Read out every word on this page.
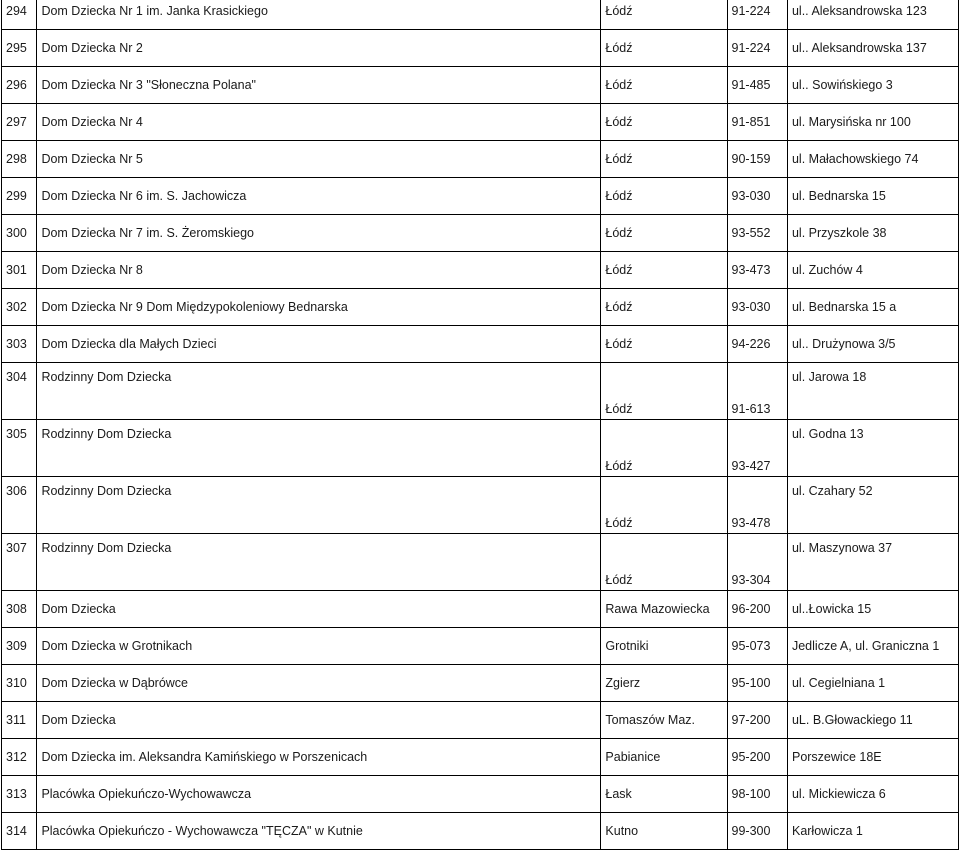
294	Dom Dziecka Nr 1 im. Janka Krasickiego	Łódź	91-224	ul.. Aleksandrowska 123
295	Dom Dziecka Nr 2	Łódź	91-224	ul.. Aleksandrowska 137
296	Dom Dziecka Nr 3 "Słoneczna Polana"	Łódź	91-485	ul.. Sowińskiego 3
297	Dom Dziecka Nr 4	Łódź	91-851	ul. Marysińska nr 100
298	Dom Dziecka Nr 5	Łódź	90-159	ul. Małachowskiego 74
299	Dom Dziecka Nr 6 im. S. Jachowicza	Łódź	93-030	ul. Bednarska 15
300	Dom Dziecka Nr 7 im. S. Żeromskiego	Łódź	93-552	ul. Przyszkole 38
301	Dom Dziecka Nr 8	Łódź	93-473	ul. Zuchów 4
302	Dom Dziecka Nr 9 Dom Międzypokoleniowy Bednarska	Łódź	93-030	ul. Bednarska 15 a
303	Dom Dziecka dla Małych Dzieci	Łódź	94-226	ul.. Drużynowa 3/5
304	Rodzinny Dom Dziecka	Łódź	91-613	ul. Jarowa 18
305	Rodzinny Dom Dziecka	Łódź	93-427	ul. Godna 13
306	Rodzinny Dom Dziecka	Łódź	93-478	ul. Czahary 52
307	Rodzinny Dom Dziecka	Łódź	93-304	ul. Maszynowa 37
308	Dom Dziecka	Rawa Mazowiecka	96-200	ul..Łowicka 15
309	Dom Dziecka w Grotnikach	Grotniki	95-073	Jedlicze A, ul. Graniczna 1
310	Dom Dziecka w Dąbrówce	Zgierz	95-100	ul. Cegielniana 1
311	Dom Dziecka	Tomaszów Maz.	97-200	uL. B.Głowackiego 11
312	Dom Dziecka im. Aleksandra Kamińskiego w Porszenicach	Pabianice	95-200	Porszewice 18E
313	Placówka Opiekuńczo-Wychowawcza	Łask	98-100	ul. Mickiewicza 6
314	Placówka Opiekuńczo - Wychowawcza "TĘCZA" w Kutnie	Kutno	99-300	Karłowicza 1
